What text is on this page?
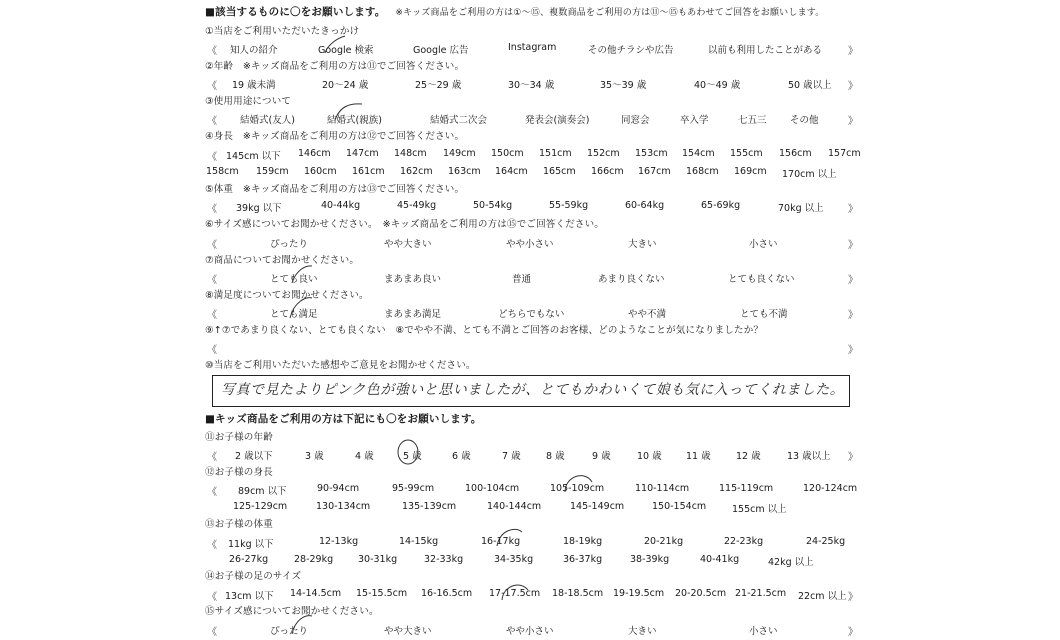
■該当するものに〇をお願いします。 ※キッズ商品をご利用の方は①～⑮、複数商品をご利用の方は⑪～⑮もあわせてご回答をお願いします。
①当店をご利用いただいたきっかけ
《 知人の紹介	Google 検索	Google 広告	Instagram	その他チラシや広告	以前も利用したことがある	》
②年齢　※キッズ商品をご利用の方は⑪でご回答ください。
《 19 歳未満	20～24 歳	25～29 歳	30～34 歳	35～39 歳	40～49 歳	50 歳以上 》
③使用用途について
《 結婚式(友人)	結婚式(親族)	結婚式二次会	発表会(演奏会)	同窓会	卒入学	七五三 その他	》
④身長　※キッズ商品をご利用の方は⑫でご回答ください。
《 145cm 以下 146cm 147cm 148cm 149cm 150cm 151cm 152cm 153cm 154cm 155cm 156cm 157cm
158cm 159cm 160cm 161cm 162cm 163cm 164cm 165cm 166cm 167cm 168cm 169cm 170cm 以上
⑤体重　※キッズ商品をご利用の方は⑬でご回答ください。
《 39kg 以下	40-44kg	45-49kg	50-54kg	55-59kg	60-64kg	65-69kg	70kg 以上 》
⑥サイズ感についてお聞かせください。　※キッズ商品をご利用の方は⑮でご回答ください。
《	ぴったり	やや大きい	やや小さい	大きい	小さい	》
⑦商品についてお聞かせください。
《	とても良い	まあまあ良い	普通	あまり良くない	とても良くない	》
⑧満足度についてお聞かせください。
《	とても満足	まあまあ満足	どちらでもない	やや不満	とても不満	》
⑨↑⑦であまり良くない、とても良くない　⑧でやや不満、とても不満とご回答のお客様、どのようなことが気になりましたか？
《	》
⑩当店をご利用いただいた感想やご意見をお聞かせください。
写真で見たよりピンク色が強いと思いましたが、とてもかわいくて娘も気に入ってくれました。
■キッズ商品をご利用の方は下記にも〇をお願いします。
⑪お子様の年齢
《 2 歳以下	3 歳	4 歳	5 歳	6 歳	7 歳	8 歳	9 歳	10 歳	11 歳	12 歳	13 歳以上 》
⑫お子様の身長
《 89cm 以下	90-94cm	95-99cm	100-104cm	105-109cm	110-114cm	115-119cm	120-124cm
125-129cm	130-134cm	135-139cm	140-144cm	145-149cm	150-154cm	155cm 以上
⑬お子様の体重
《 11kg 以下	12-13kg	14-15kg	16-17kg	18-19kg	20-21kg	22-23kg	24-25kg
26-27kg	28-29kg	30-31kg	32-33kg	34-35kg	36-37kg	38-39kg	40-41kg	42kg 以上
⑭お子様の足のサイズ
《 13cm 以下 14-14.5cm 15-15.5cm 16-16.5cm 17-17.5cm 18-18.5cm 19-19.5cm 20-20.5cm 21-21.5cm 22cm 以上 》
⑮サイズ感についてお聞かせください。
《	ぴったり	やや大きい	やや小さい	大きい	小さい	》
